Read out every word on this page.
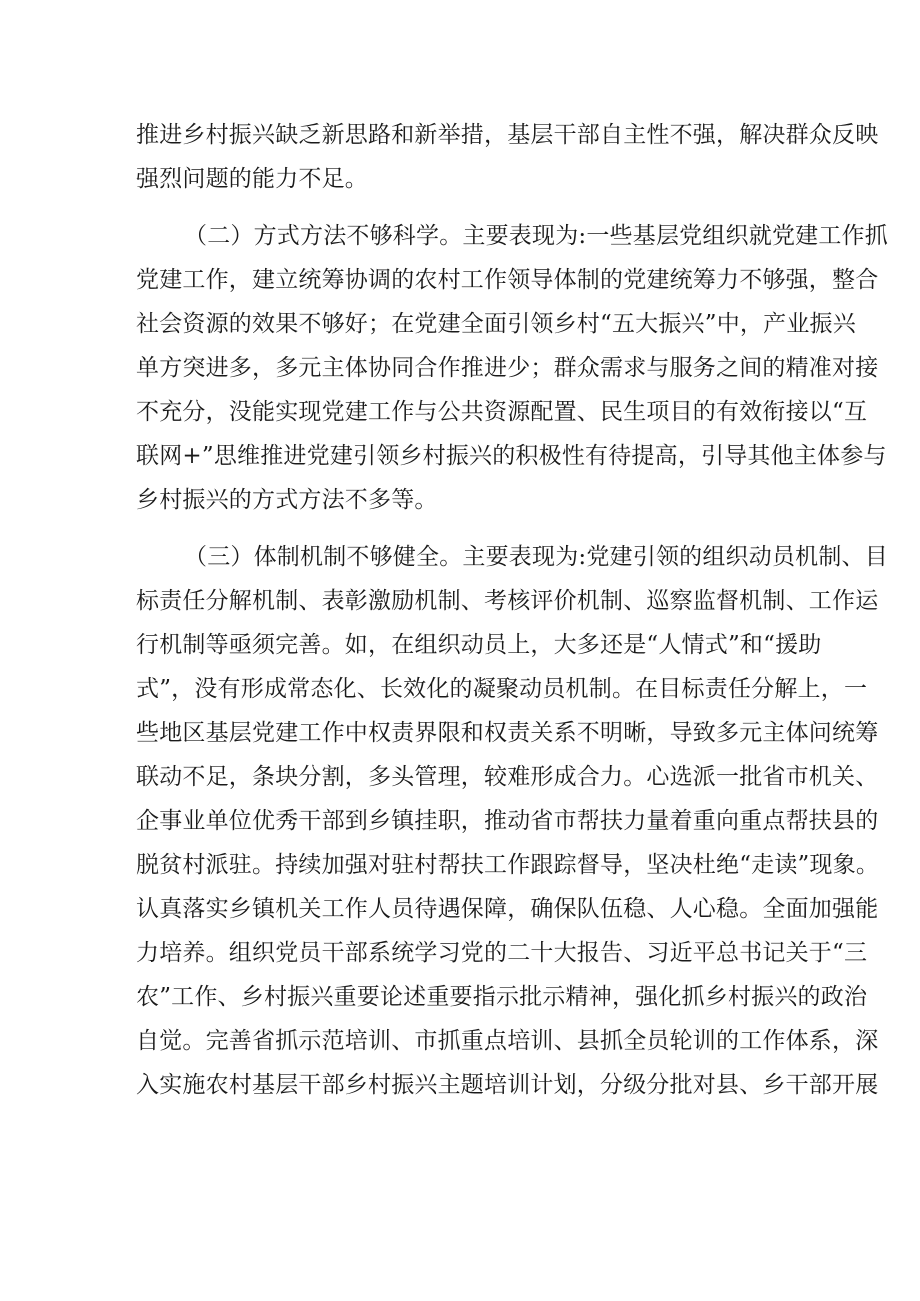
推进乡村振兴缺乏新思路和新举措，基层干部自主性不强，解决群众反映
强烈问题的能力不足。
（二）方式方法不够科学。主要表现为:一些基层党组织就党建工作抓
党建工作，建立统筹协调的农村工作领导体制的党建统筹力不够强，整合
社会资源的效果不够好；在党建全面引领乡村“五大振兴”中，产业振兴
单方突进多，多元主体协同合作推进少；群众需求与服务之间的精准对接
不充分，没能实现党建工作与公共资源配置、民生项目的有效衔接以“互
联网+”思维推进党建引领乡村振兴的积极性有待提高，引导其他主体参与
乡村振兴的方式方法不多等。
（三）体制机制不够健全。主要表现为:党建引领的组织动员机制、目
标责任分解机制、表彰激励机制、考核评价机制、巡察监督机制、工作运
行机制等亟须完善。如，在组织动员上，大多还是“人情式”和“援助
式”，没有形成常态化、长效化的凝聚动员机制。在目标责任分解上，一
些地区基层党建工作中权责界限和权责关系不明晰，导致多元主体问统筹
联动不足，条块分割，多头管理，较难形成合力。心选派一批省市机关、
企事业单位优秀干部到乡镇挂职，推动省市帮扶力量着重向重点帮扶县的
脱贫村派驻。持续加强对驻村帮扶工作跟踪督导，坚决杜绝“走读”现象。
认真落实乡镇机关工作人员待遇保障，确保队伍稳、人心稳。全面加强能
力培养。组织党员干部系统学习党的二十大报告、习近平总书记关于“三
农”工作、乡村振兴重要论述重要指示批示精神，强化抓乡村振兴的政治
自觉。完善省抓示范培训、市抓重点培训、县抓全员轮训的工作体系，深
入实施农村基层干部乡村振兴主题培训计划，分级分批对县、乡干部开展
